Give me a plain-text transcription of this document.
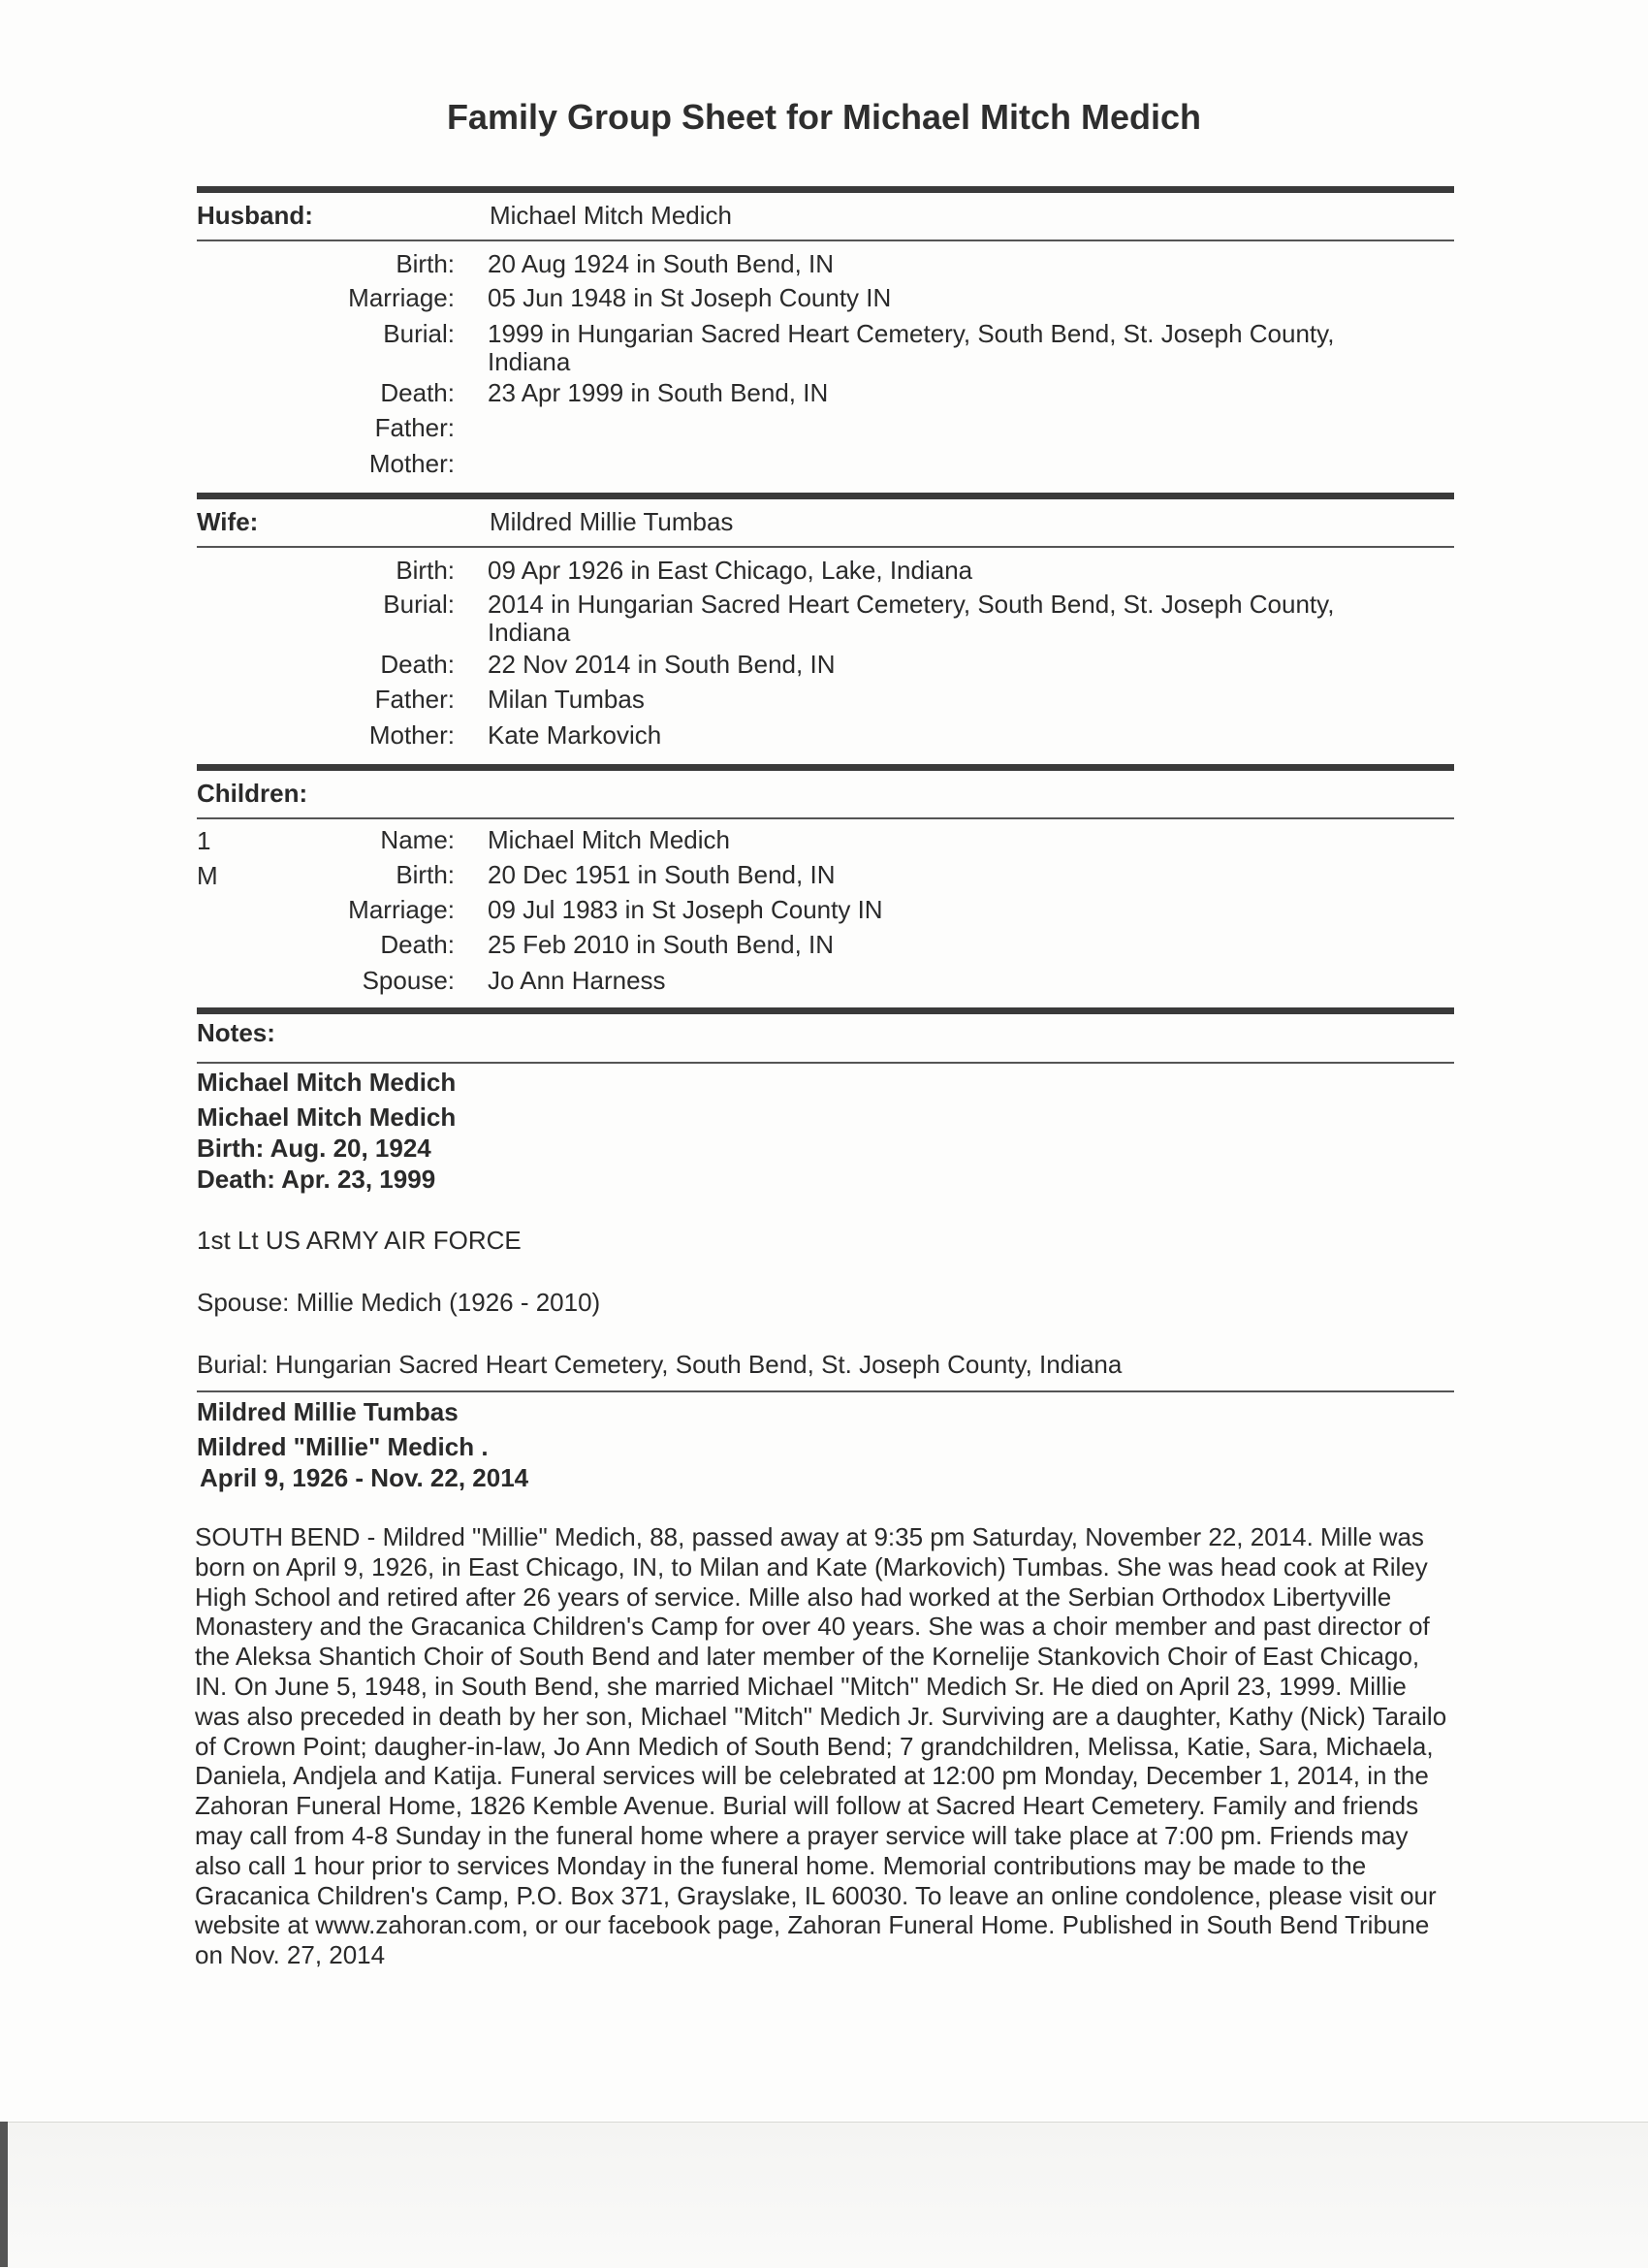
Family Group Sheet for Michael Mitch Medich
Husband:	Michael Mitch Medich
Birth: 20 Aug 1924 in South Bend, IN
Marriage: 05 Jun 1948 in St Joseph County IN
Burial: 1999 in Hungarian Sacred Heart Cemetery, South Bend, St. Joseph County, Indiana
Death: 23 Apr 1999 in South Bend, IN
Father:
Mother:
Wife:	Mildred Millie Tumbas
Birth: 09 Apr 1926 in East Chicago, Lake, Indiana
Burial: 2014 in Hungarian Sacred Heart Cemetery, South Bend, St. Joseph County, Indiana
Death: 22 Nov 2014 in South Bend, IN
Father: Milan Tumbas
Mother: Kate Markovich
Children:
1
M
Name: Michael Mitch Medich
Birth: 20 Dec 1951 in South Bend, IN
Marriage: 09 Jul 1983 in St Joseph County IN
Death: 25 Feb 2010 in South Bend, IN
Spouse: Jo Ann Harness
Notes:
Michael Mitch Medich
Michael Mitch Medich
Birth: Aug. 20, 1924
Death: Apr. 23, 1999
1st Lt US ARMY AIR FORCE
Spouse: Millie Medich (1926 - 2010)
Burial: Hungarian Sacred Heart Cemetery, South Bend, St. Joseph County, Indiana
Mildred Millie Tumbas
Mildred "Millie" Medich .
April 9, 1926 - Nov. 22, 2014

SOUTH BEND - Mildred "Millie" Medich, 88, passed away at 9:35 pm Saturday, November 22, 2014. Mille was born on April 9, 1926, in East Chicago, IN, to Milan and Kate (Markovich) Tumbas. She was head cook at Riley High School and retired after 26 years of service. Mille also had worked at the Serbian Orthodox Libertyville Monastery and the Gracanica Children's Camp for over 40 years. She was a choir member and past director of the Aleksa Shantich Choir of South Bend and later member of the Kornelije Stankovich Choir of East Chicago, IN. On June 5, 1948, in South Bend, she married Michael "Mitch" Medich Sr. He died on April 23, 1999. Millie was also preceded in death by her son, Michael "Mitch" Medich Jr. Surviving are a daughter, Kathy (Nick) Tarailo of Crown Point; daugher-in-law, Jo Ann Medich of South Bend; 7 grandchildren, Melissa, Katie, Sara, Michaela, Daniela, Andjela and Katija. Funeral services will be celebrated at 12:00 pm Monday, December 1, 2014, in the Zahoran Funeral Home, 1826 Kemble Avenue. Burial will follow at Sacred Heart Cemetery. Family and friends may call from 4-8 Sunday in the funeral home where a prayer service will take place at 7:00 pm. Friends may also call 1 hour prior to services Monday in the funeral home. Memorial contributions may be made to the Gracanica Children's Camp, P.O. Box 371, Grayslake, IL 60030. To leave an online condolence, please visit our website at www.zahoran.com, or our facebook page, Zahoran Funeral Home. Published in South Bend Tribune on Nov. 27, 2014
